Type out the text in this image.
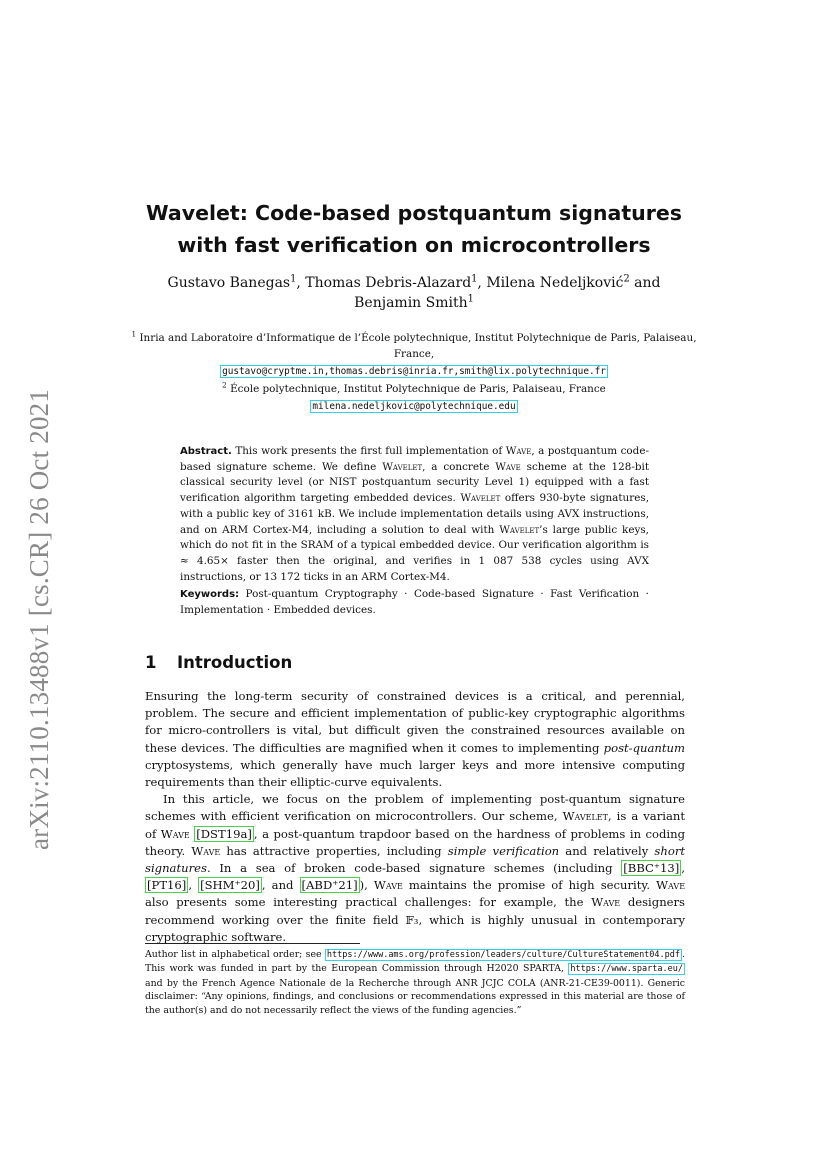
arXiv:2110.13488v1 [cs.CR] 26 Oct 2021
Wavelet: Code-based postquantum signatures
with fast verification on microcontrollers
Gustavo Banegas$^1$, Thomas Debris-Alazard$^1$, Milena Nedeljković$^2$ and
Benjamin Smith$^1$
$^1$ Inria and Laboratoire d’Informatique de l’École polytechnique, Institut Polytechnique de Paris, Palaiseau, France,
gustavo@cryptme.in,thomas.debris@inria.fr,smith@lix.polytechnique.fr
$^2$ École polytechnique, Institut Polytechnique de Paris, Palaiseau, France
milena.nedeljkovic@polytechnique.edu
Abstract. This work presents the first full implementation of Wave, a postquantum code-based signature scheme. We define Wavelet, a concrete Wave scheme at the 128-bit classical security level (or NIST postquantum security Level 1) equipped with a fast verification algorithm targeting embedded devices. Wavelet offers 930-byte signatures, with a public key of 3161 kB. We include implementation details using AVX instructions, and on ARM Cortex-M4, including a solution to deal with Wavelet’s large public keys, which do not fit in the SRAM of a typical embedded device. Our verification algorithm is ≈ 4.65× faster then the original, and verifies in 1 087 538 cycles using AVX instructions, or 13 172 ticks in an ARM Cortex-M4.
Keywords: Post-quantum Cryptography · Code-based Signature · Fast Verification · Implementation · Embedded devices.
1 Introduction

Ensuring the long-term security of constrained devices is a critical, and perennial, problem. The secure and efficient implementation of public-key cryptographic algorithms for micro-controllers is vital, but difficult given the constrained resources available on these devices. The difficulties are magnified when it comes to implementing post-quantum cryptosystems, which generally have much larger keys and more intensive computing requirements than their elliptic-curve equivalents.

In this article, we focus on the problem of implementing post-quantum signature schemes with efficient verification on microcontrollers. Our scheme, Wavelet, is a variant of Wave [DST19a] , a post-quantum trapdoor based on the hardness of problems in coding theory. Wave has attractive properties, including simple verification and relatively short signatures. In a sea of broken code-based signature schemes (including [BBC⁺13] , [PT16] , [SHM⁺20] , and [ABD⁺21] ), Wave maintains the promise of high security. Wave also presents some interesting practical challenges: for example, the Wave designers recommend working over the finite field 𝔽₃, which is highly unusual in contemporary cryptographic software.

Author list in alphabetical order; see https://www.ams.org/profession/leaders/culture/CultureStatement04.pdf . This work was funded in part by the European Commission through H2020 SPARTA, https://www.sparta.eu/ and by the French Agence Nationale de la Recherche through ANR JCJC COLA (ANR-21-CE39-0011). Generic disclaimer: “Any opinions, findings, and conclusions or recommendations expressed in this material are those of the author(s) and do not necessarily reflect the views of the funding agencies.”
